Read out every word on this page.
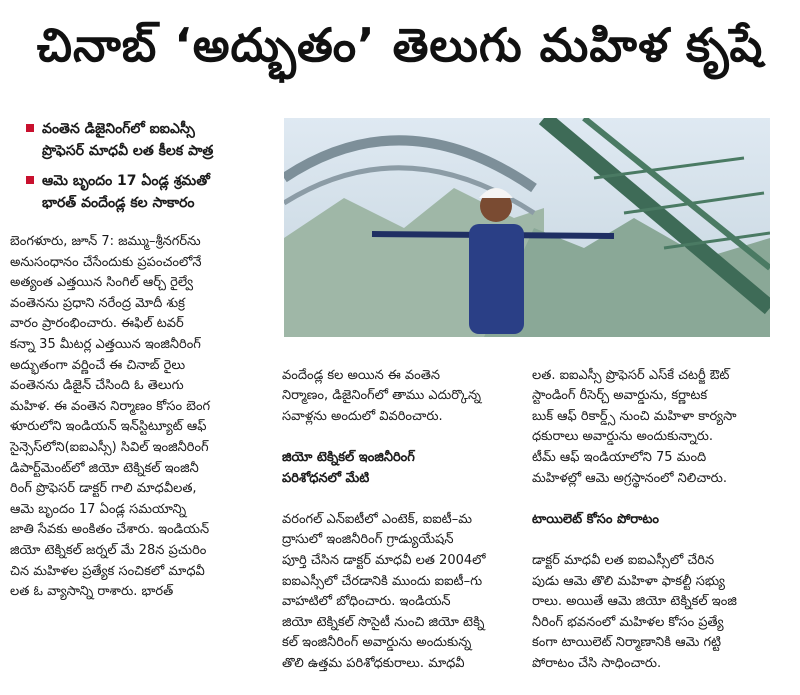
చినాబ్ ‘అద్భుతం’ తెలుగు మహిళ కృషే
వంతెన డిజైనింగ్‌లో ఐఐఎస్సీ
ప్రొఫెసర్ మాధవీ లత కీలక పాత్ర
ఆమె బృందం 17 ఏండ్ల శ్రమతో
భారత్ వందేండ్ల కల సాకారం
బెంగళూరు, జూన్ 7: జమ్ము–శ్రీనగర్‌ను
అనుసంధానం చేసేందుకు ప్రపంచంలోనే
అత్యంత ఎత్తయిన సింగిల్ ఆర్చ్ రైల్వే
వంతెనను ప్రధాని నరేంద్ర మోదీ శుక్ర
వారం ప్రారంభించారు. ఈఫిల్ టవర్
కన్నా 35 మీటర్ల ఎత్తయిన ఇంజినీరింగ్
అద్భుతంగా వర్ణించే ఈ చినాబ్ రైలు
వంతెనను డిజైన్ చేసింది ఓ తెలుగు
మహిళ. ఈ వంతెన నిర్మాణం కోసం బెంగ
ళూరులోని ఇండియన్ ఇన్‌స్టిట్యూట్ ఆఫ్
సైన్సెస్‌లోని(ఐఐఎస్సీ) సివిల్ ఇంజినీరింగ్
డిపార్ట్‌మెంట్‌లో జియో టెక్నికల్ ఇంజినీ
రింగ్ ప్రొఫెసర్ డాక్టర్ గాలి మాధవీలత,
ఆమె బృందం 17 ఏండ్ల సమయాన్ని
జాతి సేవకు అంకితం చేశారు. ఇండియన్
జియో టెక్నికల్ జర్నల్ మే 28న ప్రచురిం
చిన మహిళల ప్రత్యేక సంచికలో మాధవీ
లత ఓ వ్యాసాన్ని రాశారు. భారత్

వందేండ్ల కల అయిన ఈ వంతెన
నిర్మాణం, డిజైనింగ్‌లో తాము ఎదుర్కొన్న
సవాళ్లను అందులో వివరించారు.

జియో టెక్నికల్ ఇంజినీరింగ్
పరిశోధనలో మేటి

వరంగల్ ఎన్ఐటీలో ఎంటెక్, ఐఐటీ–మ
ద్రాసులో ఇంజినీరింగ్ గ్రాడ్యుయేషన్
పూర్తి చేసిన డాక్టర్ మాధవీ లత 2004లో
ఐఐఎస్సీలో చేరడానికి ముందు ఐఐటీ–గు
వాహటిలో బోధించారు. ఇండియన్
జియో టెక్నికల్ సొసైటీ నుంచి జియో టెక్ని
కల్ ఇంజినీరింగ్ అవార్డును అందుకున్న
తొలి ఉత్తమ పరిశోధకురాలు. మాధవీ

లత. ఐఐఎస్సీ ప్రొఫెసర్ ఎస్‌కే చటర్జీ ఔట్
స్టాండింగ్ రీసెర్చ్ అవార్డును, కర్ణాటక
బుక్ ఆఫ్ రికార్డ్స్ నుంచి మహిళా కార్యసా
ధకురాలు అవార్డును అందుకున్నారు.
టీమ్ ఆఫ్ ఇండియాలోని 75 మంది
మహిళల్లో ఆమె అగ్రస్థానంలో నిలిచారు.

టాయిలెట్ కోసం పోరాటం

డాక్టర్ మాధవీ లత ఐఐఎస్సీలో చేరిన
పుడు ఆమె తొలి మహిళా ఫాకల్టీ సభ్యు
రాలు. అయితే ఆమె జియో టెక్నికల్ ఇంజి
నీరింగ్ భవనంలో మహిళల కోసం ప్రత్యే
కంగా టాయిలెట్ నిర్మాణానికి ఆమె గట్టి
పోరాటం చేసి సాధించారు.
